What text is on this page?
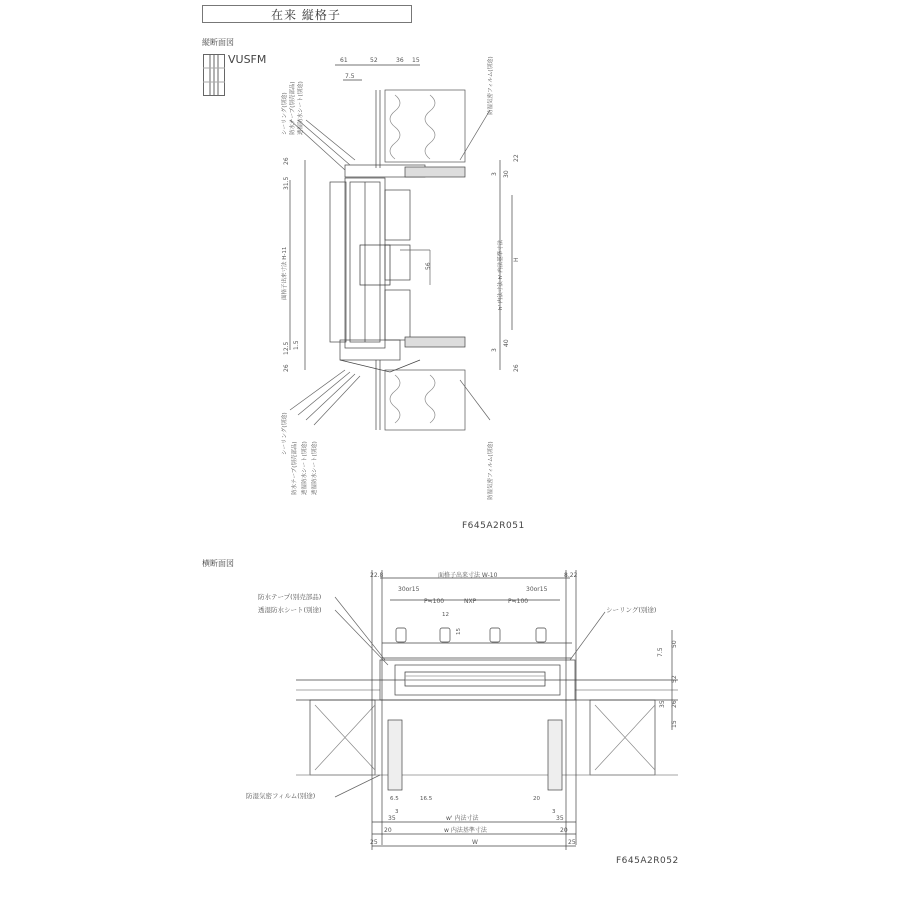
在来 縦格子
縦断面図
VUSFM	61	52	36 15
7.5
26
31.5
1.5
12.5
26
面格子出来寸法 H-11
22
3 30
40
3
26
H
h' 内法寸法 h' 内法基準寸法
56
シーリング(別途) 防水テープ(別売部品) 透湿防水シート(別途)	防湿気密フィルム(別途)
シーリング(別途)
防水テープ(別売部品) 透湿防水シート(別途) 透湿防水シート(別途)	防湿気密フィルム(別途)
F645A2R051
横断面図
22.8	面格子出来寸法 W-10	8.22
30or15	30or15
P≒100	NXP	P≒100
12
15
7.5
50
52
35 26
15
防水テープ(別売部品)
透湿防水シート(別途)	シーリング(別途)
防湿気密フィルム(別途)	6.5	16.5	20
3	3
35	w' 内法寸法	35
20	w 内法基準寸法	20
25	W	25
F645A2R052
